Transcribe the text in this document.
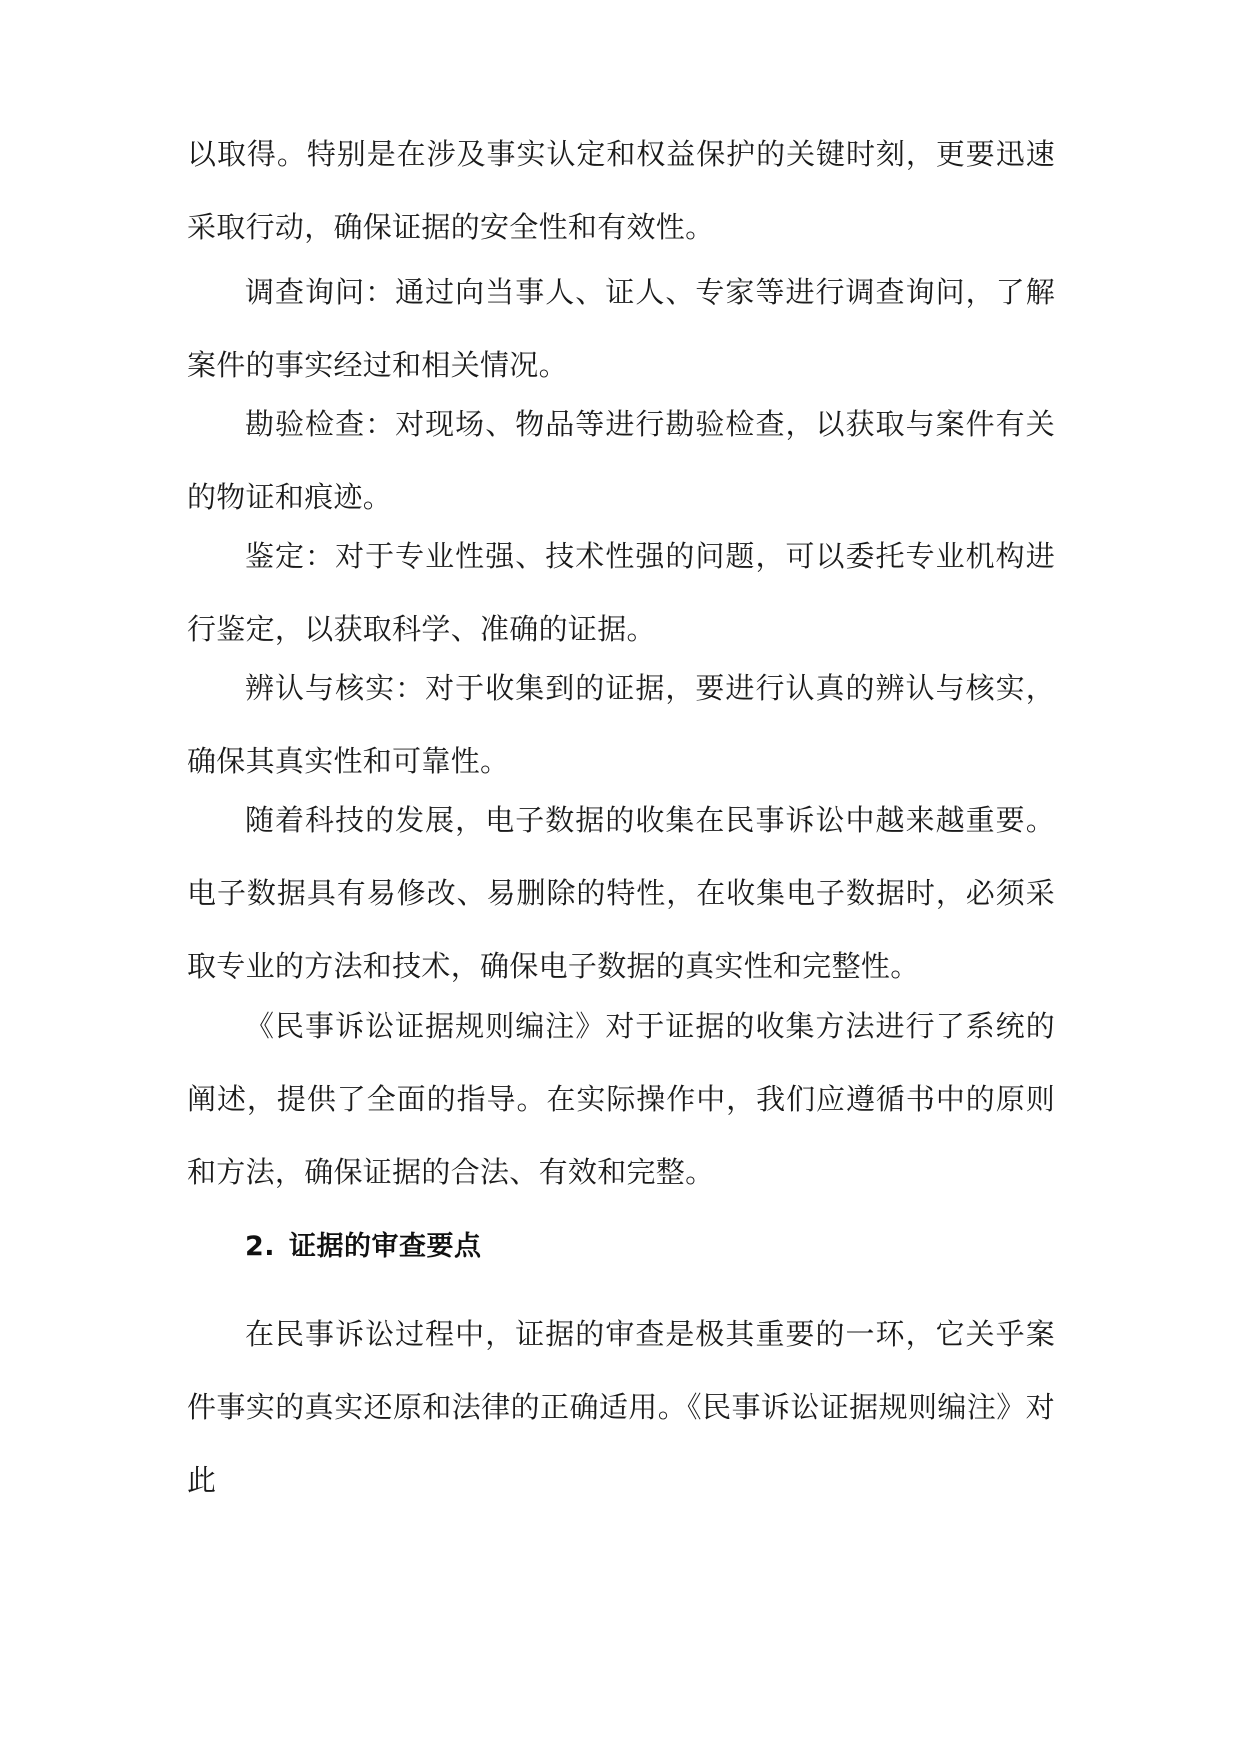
以取得。特别是在涉及事实认定和权益保护的关键时刻，更要迅速采取行动，确保证据的安全性和有效性。

调查询问：通过向当事人、证人、专家等进行调查询问，了解案件的事实经过和相关情况。

勘验检查：对现场、物品等进行勘验检查，以获取与案件有关的物证和痕迹。

鉴定：对于专业性强、技术性强的问题，可以委托专业机构进行鉴定，以获取科学、准确的证据。

辨认与核实：对于收集到的证据，要进行认真的辨认与核实，确保其真实性和可靠性。

随着科技的发展，电子数据的收集在民事诉讼中越来越重要。电子数据具有易修改、易删除的特性，在收集电子数据时，必须采取专业的方法和技术，确保电子数据的真实性和完整性。

《民事诉讼证据规则编注》对于证据的收集方法进行了系统的阐述，提供了全面的指导。在实际操作中，我们应遵循书中的原则和方法，确保证据的合法、有效和完整。

2. 证据的审查要点

在民事诉讼过程中，证据的审查是极其重要的一环，它关乎案件事实的真实还原和法律的正确适用。《民事诉讼证据规则编注》对此
